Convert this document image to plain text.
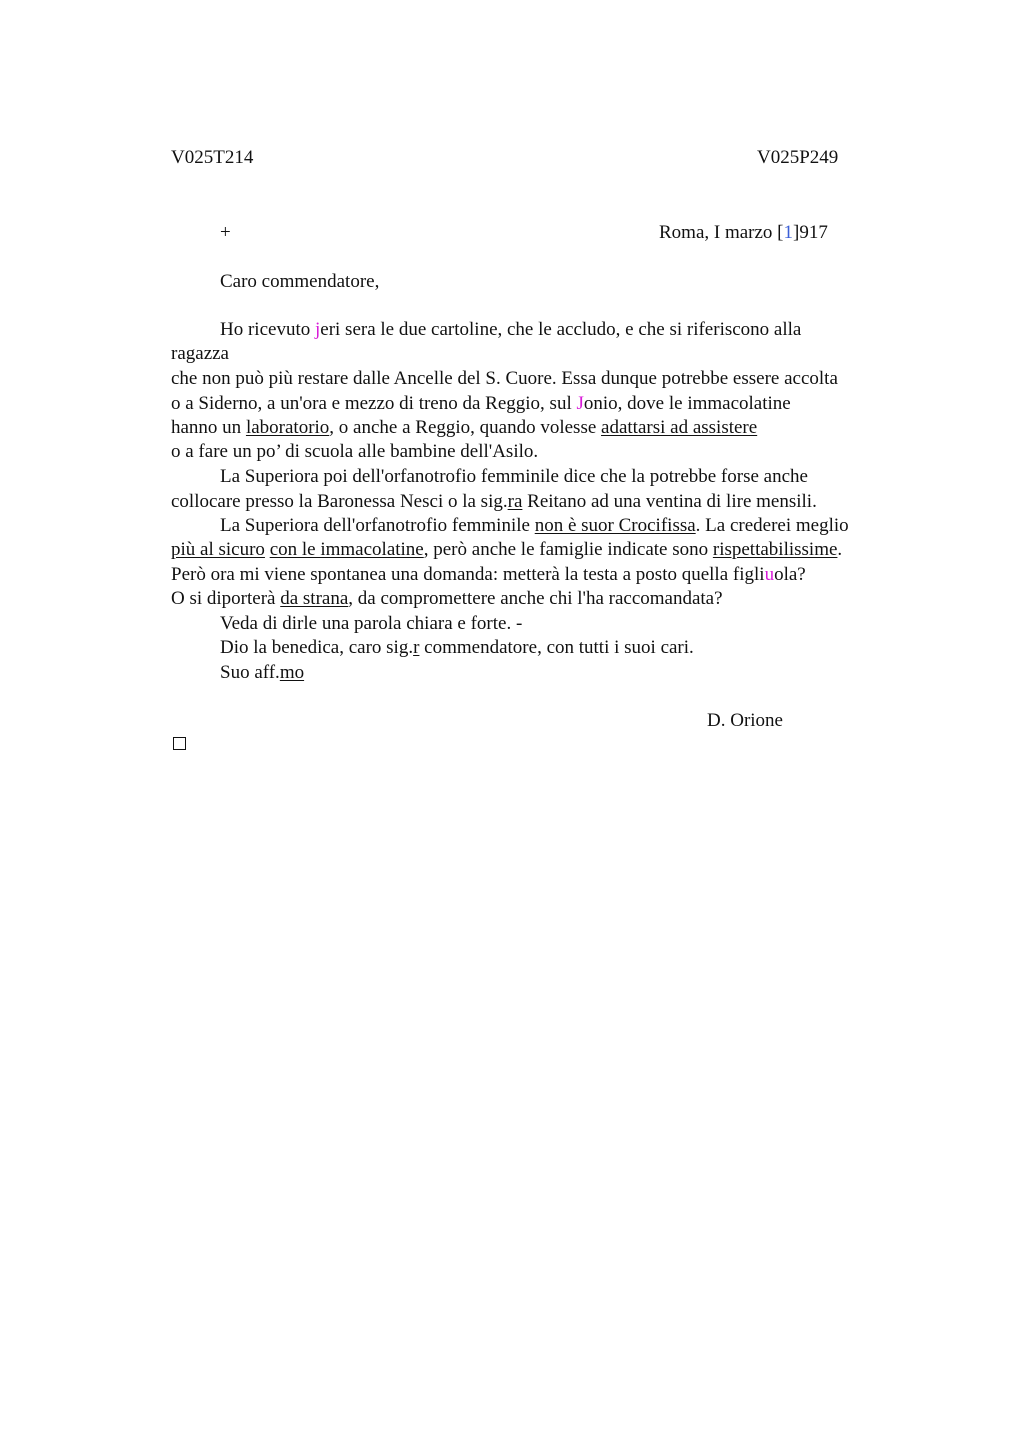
V025T214	V025P249
+	Roma, I marzo [1]917
Caro commendatore,
Ho ricevuto jeri sera le due cartoline, che le accludo, e che si riferiscono alla
ragazza
che non può più restare dalle Ancelle del S. Cuore. Essa dunque potrebbe essere accolta
o a Siderno, a un'ora e mezzo di treno da Reggio, sul Jonio, dove le immacolatine
hanno un laboratorio, o anche a Reggio, quando volesse adattarsi ad assistere
o a fare un po’ di scuola alle bambine dell'Asilo.
La Superiora poi dell'orfanotrofio femminile dice che la potrebbe forse anche
collocare presso la Baronessa Nesci o la sig.ra Reitano ad una ventina di lire mensili.
La Superiora dell'orfanotrofio femminile non è suor Crocifissa. La crederei meglio
più al sicuro con le immacolatine, però anche le famiglie indicate sono rispettabilissime.
Però ora mi viene spontanea una domanda: metterà la testa a posto quella figliuola?
O si diporterà da strana, da compromettere anche chi l'ha raccomandata?
Veda di dirle una parola chiara e forte. -
Dio la benedica, caro sig.r commendatore, con tutti i suoi cari.
Suo aff.mo
D. Orione
